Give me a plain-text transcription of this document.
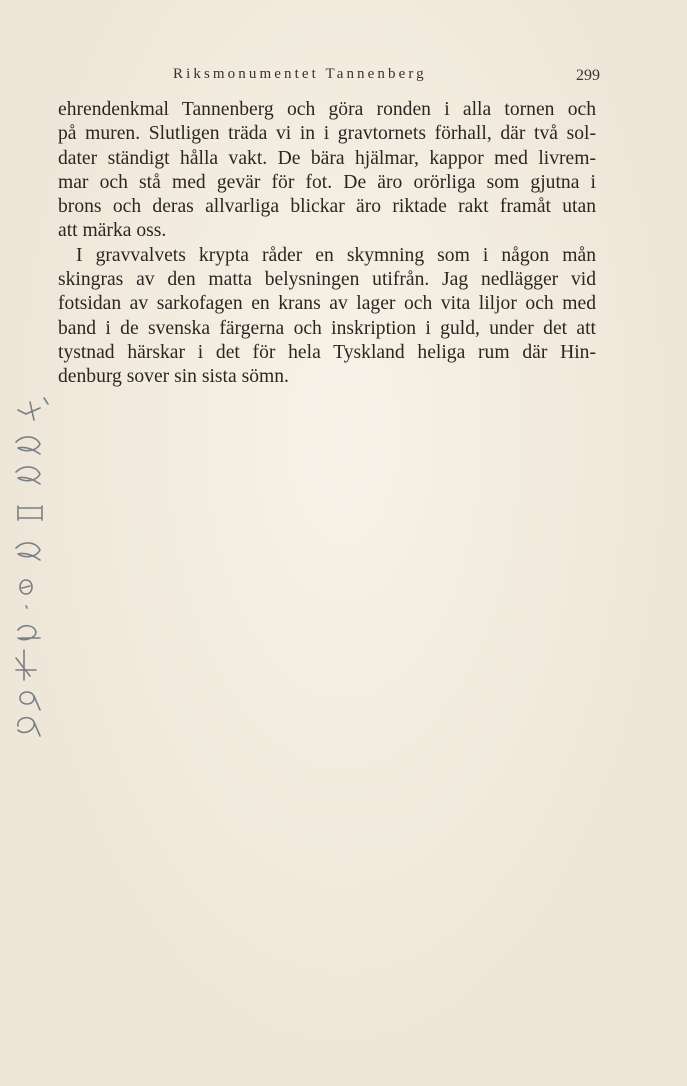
Riksmonumentet Tannenberg	299
ehrendenkmal Tannenberg och göra ronden i alla tornen och
på muren. Slutligen träda vi in i gravtornets förhall, där två sol-
dater ständigt hålla vakt. De bära hjälmar, kappor med livrem-
mar och stå med gevär för fot. De äro orörliga som gjutna i
brons och deras allvarliga blickar äro riktade rakt framåt utan
att märka oss.
I gravvalvets krypta råder en skymning som i någon mån
skingras av den matta belysningen utifrån. Jag nedlägger vid
fotsidan av sarkofagen en krans av lager och vita liljor och med
band i de svenska färgerna och inskription i guld, under det att
tystnad härskar i det för hela Tyskland heliga rum där Hin-
denburg sover sin sista sömn.
